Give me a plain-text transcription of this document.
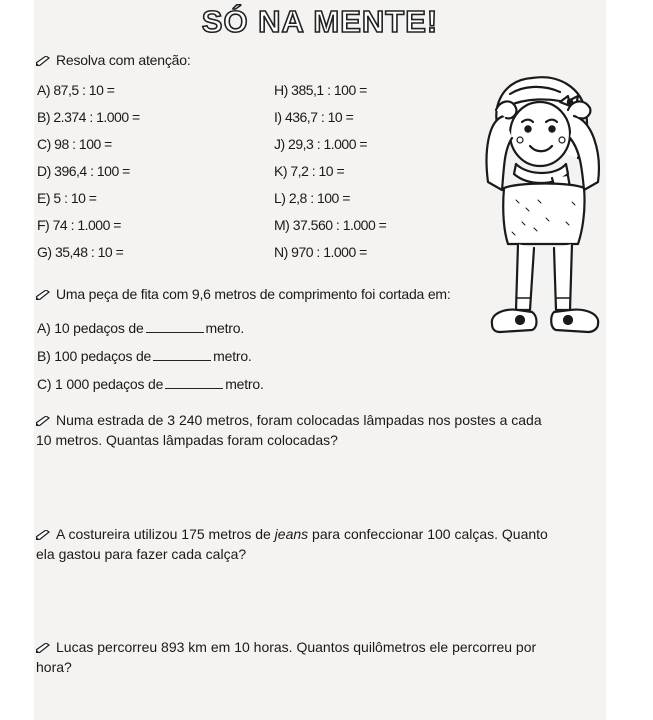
SÓ NA MENTE!
Resolva com atenção:
A) 87,5 : 10 =
B) 2.374 : 1.000 =
C) 98 : 100 =
D) 396,4 : 100 =
E) 5 : 10 =
F) 74 : 1.000 =
G) 35,48 : 10 =
H) 385,1 : 100 =
I) 436,7 : 10 =
J) 29,3 : 1.000 =
K) 7,2 : 10 =
L) 2,8 : 100 =
M) 37.560 : 1.000 =
N) 970 : 1.000 =
Uma peça de fita com 9,6 metros de comprimento foi cortada em:
A) 10 pedaços de	metro.
B) 100 pedaços de	metro.
C) 1 000 pedaços de	metro.
Numa estrada de 3 240 metros, foram colocadas lâmpadas nos postes a cada
10 metros. Quantas lâmpadas foram colocadas?
A costureira utilizou 175 metros de jeans para confeccionar 100 calças. Quanto
ela gastou para fazer cada calça?
Lucas percorreu 893 km em 10 horas. Quantos quilômetros ele percorreu por
hora?
